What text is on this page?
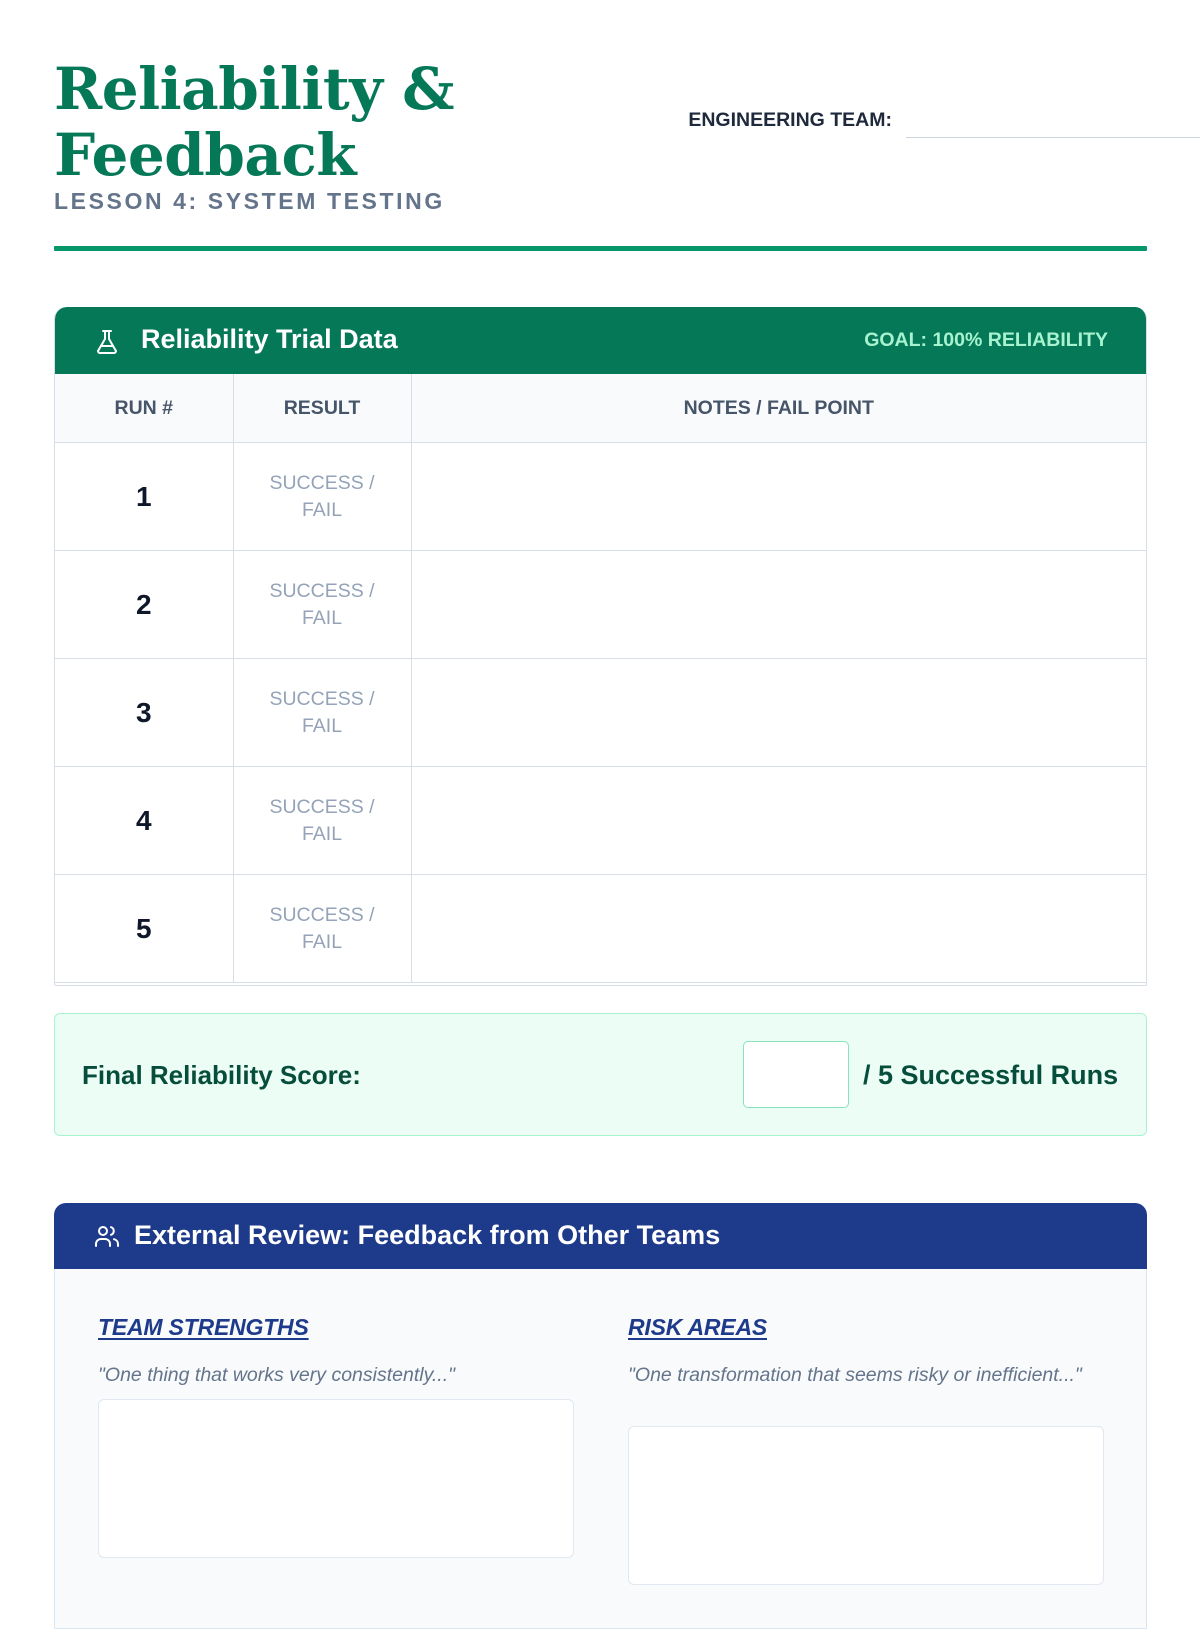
Reliability & Feedback
LESSON 4: SYSTEM TESTING
ENGINEERING TEAM:
Reliability Trial Data	GOAL: 100% RELIABILITY
RUN #	RESULT	NOTES / FAIL POINT
1	SUCCESS / FAIL	

2	SUCCESS / FAIL	

3	SUCCESS / FAIL	

4	SUCCESS / FAIL	

5	SUCCESS / FAIL	

Final Reliability Score:	/ 5 Successful Runs
External Review: Feedback from Other Teams
TEAM STRENGTHS
"One thing that works very consistently..."
RISK AREAS
"One transformation that seems risky or inefficient..."
